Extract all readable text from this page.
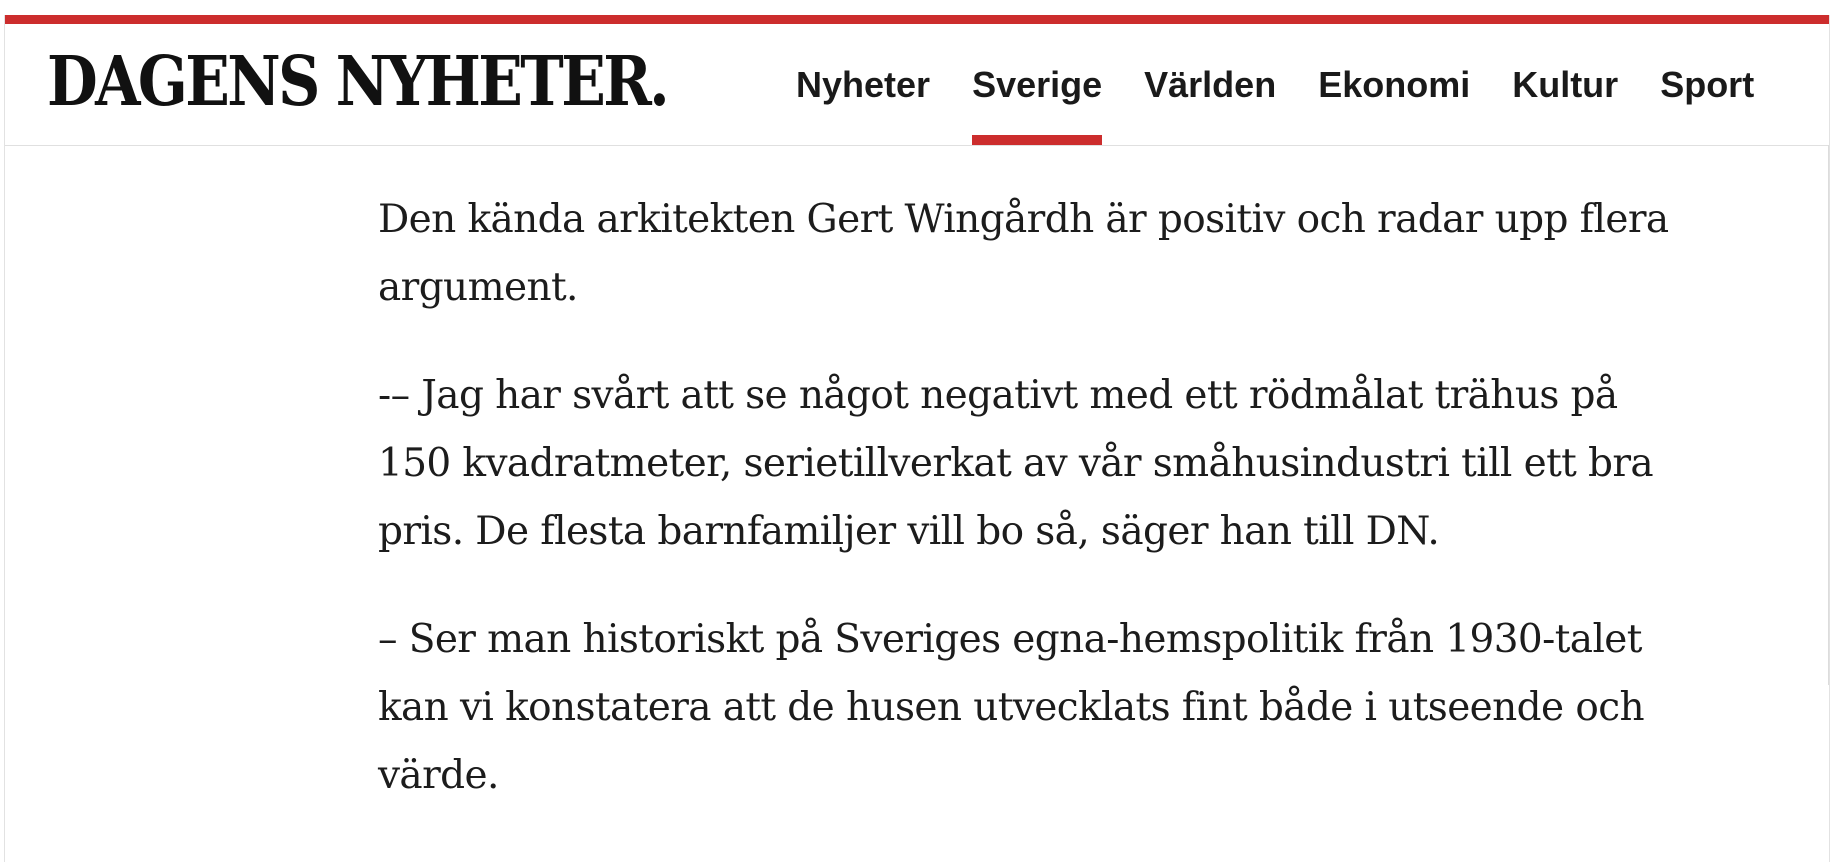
DAGENS NYHETER.	Nyheter Sverige Världen Ekonomi Kultur Sport

Den kända arkitekten Gert Wingårdh är positiv och radar upp flera argument.

-– Jag har svårt att se något negativt med ett rödmålat trähus på 150 kvadratmeter, serietillverkat av vår småhusindustri till ett bra pris. De flesta barnfamiljer vill bo så, säger han till DN.

– Ser man historiskt på Sveriges egna-hemspolitik från 1930-talet kan vi konstatera att de husen utvecklats fint både i utseende och värde.
